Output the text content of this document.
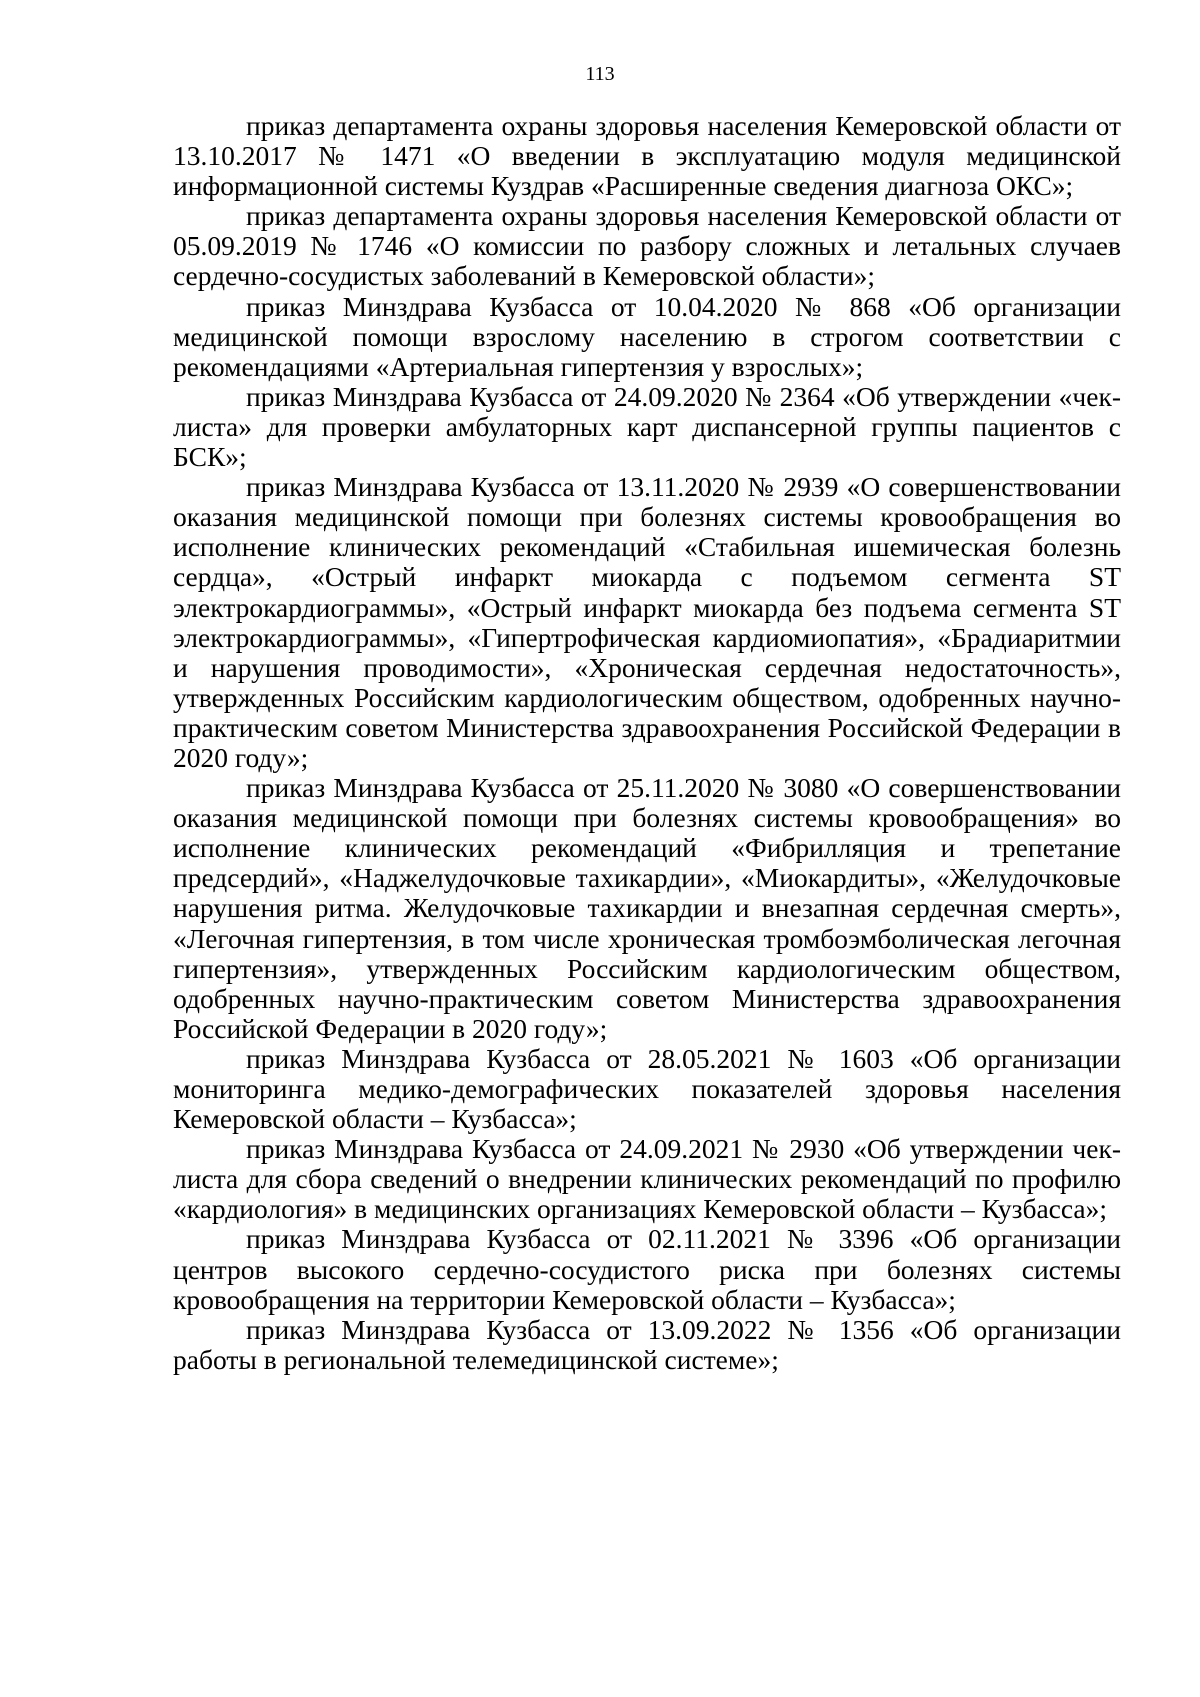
113

приказ департамента охраны здоровья населения Кемеровской области от 13.10.2017 № 1471 «О введении в эксплуатацию модуля медицинской информационной системы Куздрав «Расширенные сведения диагноза ОКС»;

приказ департамента охраны здоровья населения Кемеровской области от 05.09.2019 № 1746 «О комиссии по разбору сложных и летальных случаев сердечно-сосудистых заболеваний в Кемеровской области»;

приказ Минздрава Кузбасса от 10.04.2020 № 868 «Об организации медицинской помощи взрослому населению в строгом соответствии с рекомендациями «Артериальная гипертензия у взрослых»;

приказ Минздрава Кузбасса от 24.09.2020 № 2364 «Об утверждении «чек-листа» для проверки амбулаторных карт диспансерной группы пациентов с БСК»;

приказ Минздрава Кузбасса от 13.11.2020 № 2939 «О совершенствовании оказания медицинской помощи при болезнях системы кровообращения во исполнение клинических рекомендаций «Стабильная ишемическая болезнь сердца», «Острый инфаркт миокарда с подъемом сегмента ST электрокардиограммы», «Острый инфаркт миокарда без подъема сегмента ST электрокардиограммы», «Гипертрофическая кардиомиопатия», «Брадиаритмии и нарушения проводимости», «Хроническая сердечная недостаточность», утвержденных Российским кардиологическим обществом, одобренных научно-практическим советом Министерства здравоохранения Российской Федерации в 2020 году»;

приказ Минздрава Кузбасса от 25.11.2020 № 3080 «О совершенствовании оказания медицинской помощи при болезнях системы кровообращения» во исполнение клинических рекомендаций «Фибрилляция и трепетание предсердий», «Наджелудочковые тахикардии», «Миокардиты», «Желудочковые нарушения ритма. Желудочковые тахикардии и внезапная сердечная смерть», «Легочная гипертензия, в том числе хроническая тромбоэмболическая легочная гипертензия», утвержденных Российским кардиологическим обществом, одобренных научно-практическим советом Министерства здравоохранения Российской Федерации в 2020 году»;

приказ Минздрава Кузбасса от 28.05.2021 № 1603 «Об организации мониторинга медико-демографических показателей здоровья населения Кемеровской области – Кузбасса»;

приказ Минздрава Кузбасса от 24.09.2021 № 2930 «Об утверждении чек-листа для сбора сведений о внедрении клинических рекомендаций по профилю «кардиология» в медицинских организациях Кемеровской области – Кузбасса»;

приказ Минздрава Кузбасса от 02.11.2021 № 3396 «Об организации центров высокого сердечно-сосудистого риска при болезнях системы кровообращения на территории Кемеровской области – Кузбасса»;

приказ Минздрава Кузбасса от 13.09.2022 № 1356 «Об организации работы в региональной телемедицинской системе»;
